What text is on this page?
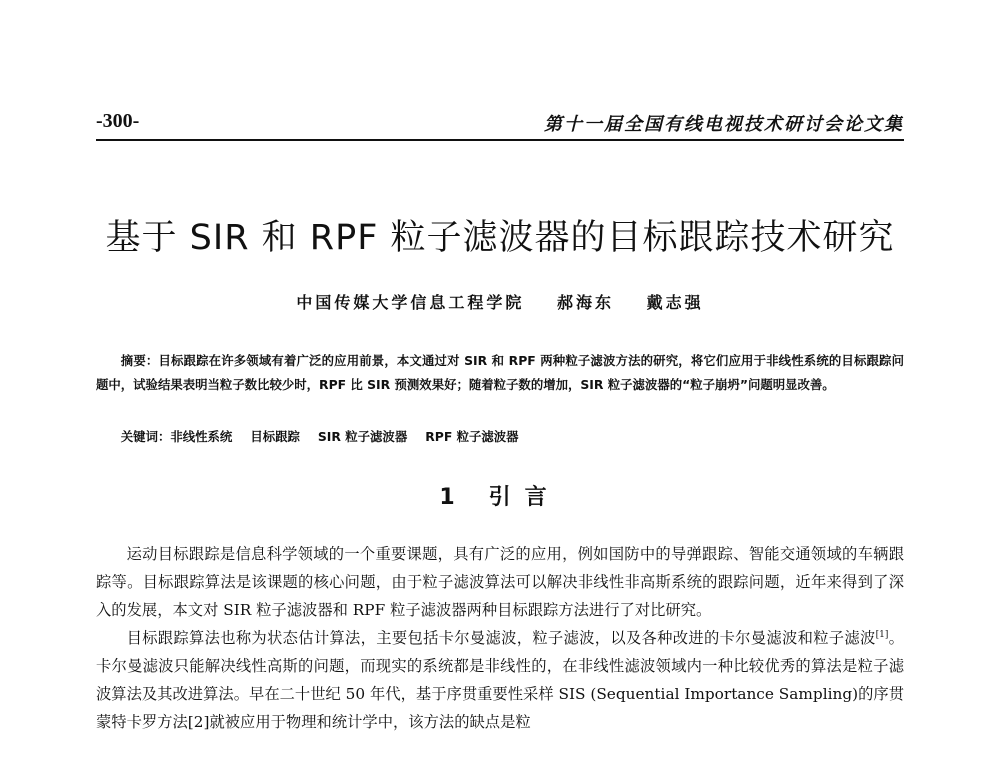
-300-	第十一届全国有线电视技术研讨会论文集
基于 SIR 和 RPF 粒子滤波器的目标跟踪技术研究
中国传媒大学信息工程学院 郝海东 戴志强
摘要：目标跟踪在许多领域有着广泛的应用前景，本文通过对 SIR 和 RPF 两种粒子滤波方法的研究，将它们应用于非线性系统的目标跟踪问题中，试验结果表明当粒子数比较少时，RPF 比 SIR 预测效果好；随着粒子数的增加，SIR 粒子滤波器的“粒子崩坍”问题明显改善。
关键词：非线性系统 目标跟踪 SIR 粒子滤波器 RPF 粒子滤波器
1 引言

运动目标跟踪是信息科学领域的一个重要课题，具有广泛的应用，例如国防中的导弹跟踪、智能交通领域的车辆跟踪等。目标跟踪算法是该课题的核心问题，由于粒子滤波算法可以解决非线性非高斯系统的跟踪问题，近年来得到了深入的发展，本文对 SIR 粒子滤波器和 RPF 粒子滤波器两种目标跟踪方法进行了对比研究。

目标跟踪算法也称为状态估计算法，主要包括卡尔曼滤波，粒子滤波，以及各种改进的卡尔曼滤波和粒子滤波[1]。卡尔曼滤波只能解决线性高斯的问题，而现实的系统都是非线性的，在非线性滤波领域内一种比较优秀的算法是粒子滤波算法及其改进算法。早在二十世纪 50 年代，基于序贯重要性采样 SIS (Sequential Importance Sampling)的序贯蒙特卡罗方法[2]就被应用于物理和统计学中，该方法的缺点是粒
